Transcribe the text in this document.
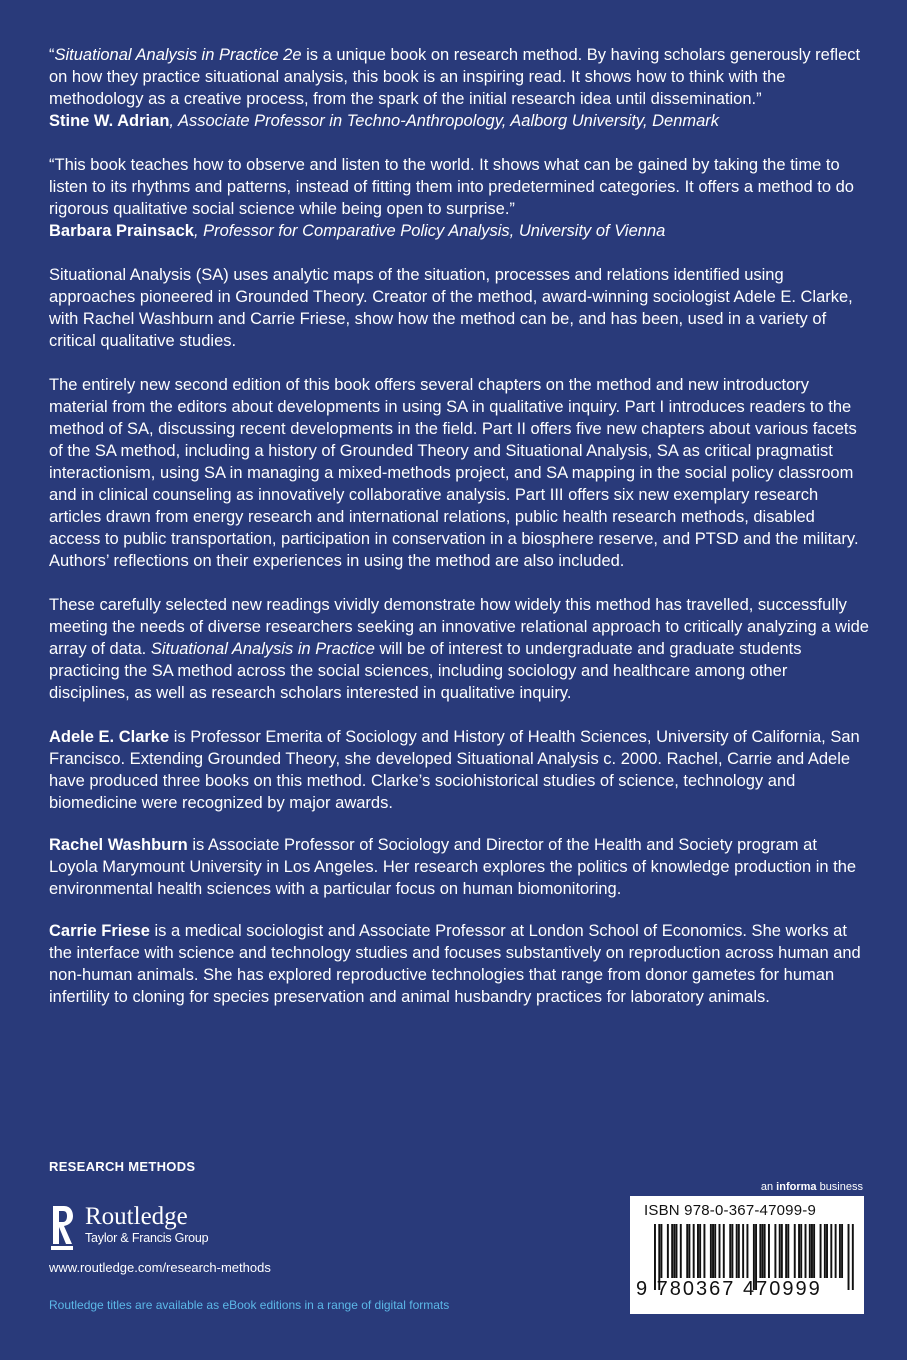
“Situational Analysis in Practice 2e is a unique book on research method. By having scholars generously reflect on how they practice situational analysis, this book is an inspiring read. It shows how to think with the methodology as a creative process, from the spark of the initial research idea until dissemination.”

Stine W. Adrian, Associate Professor in Techno-Anthropology, Aalborg University, Denmark

“This book teaches how to observe and listen to the world. It shows what can be gained by taking the time to listen to its rhythms and patterns, instead of fitting them into predetermined categories. It offers a method to do rigorous qualitative social science while being open to surprise.”

Barbara Prainsack, Professor for Comparative Policy Analysis, University of Vienna

Situational Analysis (SA) uses analytic maps of the situation, processes and relations identified using approaches pioneered in Grounded Theory. Creator of the method, award-winning sociologist Adele E. Clarke, with Rachel Washburn and Carrie Friese, show how the method can be, and has been, used in a variety of critical qualitative studies.

The entirely new second edition of this book offers several chapters on the method and new introductory material from the editors about developments in using SA in qualitative inquiry. Part I introduces readers to the method of SA, discussing recent developments in the field. Part II offers five new chapters about various facets of the SA method, including a history of Grounded Theory and Situational Analysis, SA as critical pragmatist interactionism, using SA in managing a mixed-methods project, and SA mapping in the social policy classroom and in clinical counseling as innovatively collaborative analysis. Part III offers six new exemplary research articles drawn from energy research and international relations, public health research methods, disabled access to public transportation, participation in conservation in a biosphere reserve, and PTSD and the military. Authors’ reflections on their experiences in using the method are also included.

These carefully selected new readings vividly demonstrate how widely this method has travelled, successfully meeting the needs of diverse researchers seeking an innovative relational approach to critically analyzing a wide array of data. Situational Analysis in Practice will be of interest to undergraduate and graduate students practicing the SA method across the social sciences, including sociology and healthcare among other disciplines, as well as research scholars interested in qualitative inquiry.

Adele E. Clarke is Professor Emerita of Sociology and History of Health Sciences, University of California, San Francisco. Extending Grounded Theory, she developed Situational Analysis c. 2000. Rachel, Carrie and Adele have produced three books on this method. Clarke’s sociohistorical studies of science, technology and biomedicine were recognized by major awards.

Rachel Washburn is Associate Professor of Sociology and Director of the Health and Society program at Loyola Marymount University in Los Angeles. Her research explores the politics of knowledge production in the environmental health sciences with a particular focus on human biomonitoring.

Carrie Friese is a medical sociologist and Associate Professor at London School of Economics. She works at the interface with science and technology studies and focuses substantively on reproduction across human and non-human animals. She has explored reproductive technologies that range from donor gametes for human infertility to cloning for species preservation and animal husbandry practices for laboratory animals.

RESEARCH METHODS
Routledge
Taylor & Francis Group
www.routledge.com/research-methods
Routledge titles are available as eBook editions in a range of digital formats
an informa business
ISBN 978-0-367-47099-9
9 780367 470999
